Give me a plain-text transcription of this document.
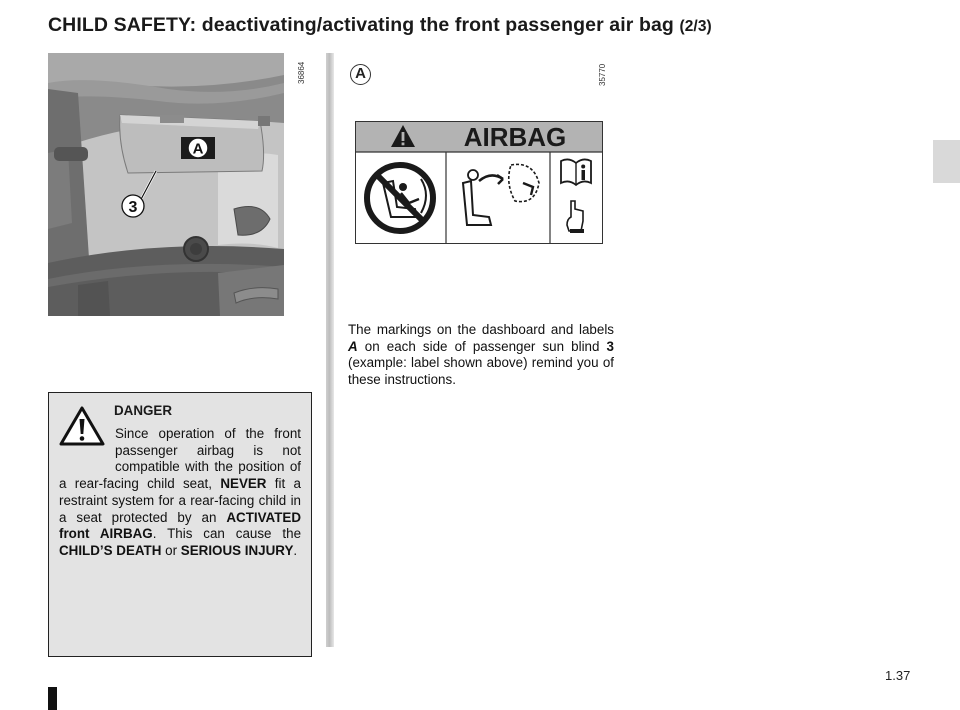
CHILD SAFETY: deactivating/activating the front passenger air bag (2/3)
A
3
36864	A	35770
AIRBAG

The markings on the dashboard and labels A on each side of passenger sun blind 3 (example: label shown above) remind you of these instructions.

DANGER

Since operation of the front passenger airbag is not compatible with the position of a rear-facing child seat, NEVER fit a restraint system for a rear-facing child in a seat protected by an ACTIVATED front AIRBAG. This can cause the CHILD’S DEATH or SERIOUS INJURY.

1.37
